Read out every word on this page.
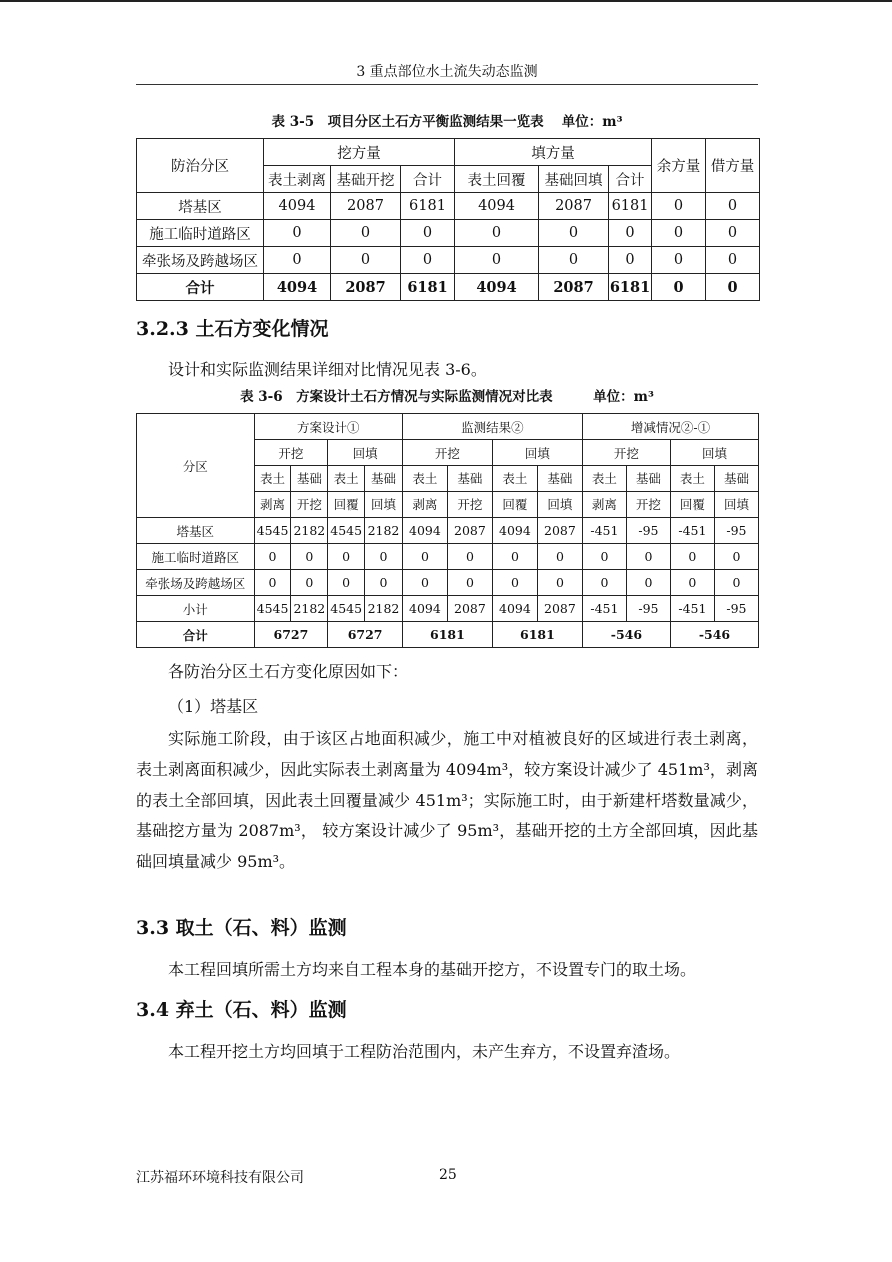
3 重点部位水土流失动态监测
表 3-5　项目分区土石方平衡监测结果一览表　 单位：m³
防治分区	挖方量			填方量			余方量	借方量
	表土剥离	基础开挖	合计	表土回覆	基础回填	合计		
塔基区	4094	2087	6181	4094	2087	6181	0	0
施工临时道路区	0	0	0	0	0	0	0	0
牵张场及跨越场区	0	0	0	0	0	0	0	0
合计	4094	2087	6181	4094	2087	6181	0	0
3.2.3 土石方变化情况
设计和实际监测结果详细对比情况见表 3-6。
表 3-6　方案设计土石方情况与实际监测情况对比表　　　单位：m³
分区	方案设计①				监测结果②				增减情况②-①			
	开挖		回填		开挖		回填		开挖		回填	
	表土	基础	表土	基础	表土	基础	表土	基础	表土	基础	表土	基础
	剥离	开挖	回覆	回填	剥离	开挖	回覆	回填	剥离	开挖	回覆	回填
塔基区	4545	2182	4545	2182	4094	2087	4094	2087	-451	-95	-451	-95
施工临时道路区	0	0	0	0	0	0	0	0	0	0	0	0
牵张场及跨越场区	0	0	0	0	0	0	0	0	0	0	0	0
小计	4545	2182	4545	2182	4094	2087	4094	2087	-451	-95	-451	-95
合计	6727		6727		6181		6181		-546		-546	
各防治分区土石方变化原因如下：
（1）塔基区
实际施工阶段，由于该区占地面积减少，施工中对植被良好的区域进行表土剥离，表土剥离面积减少，因此实际表土剥离量为 4094m³，较方案设计减少了 451m³，剥离的表土全部回填，因此表土回覆量减少 451m³；实际施工时，由于新建杆塔数量减少，基础挖方量为 2087m³， 较方案设计减少了 95m³，基础开挖的土方全部回填，因此基础回填量减少 95m³。
3.3 取土（石、料）监测
本工程回填所需土方均来自工程本身的基础开挖方，不设置专门的取土场。
3.4 弃土（石、料）监测
本工程开挖土方均回填于工程防治范围内，未产生弃方，不设置弃渣场。
江苏福环环境科技有限公司	25
